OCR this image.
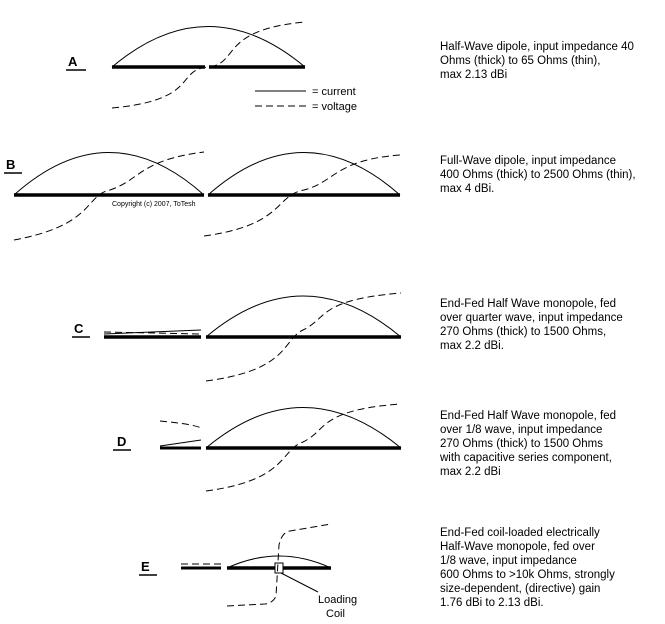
A
= current
= voltage
B
Copyright (c) 2007, ToTesh
C
D
E
Loading
Coil
Half-Wave dipole, input impedance 40
Ohms (thick) to 65 Ohms (thin),
max 2.13 dBi
Full-Wave dipole, input impedance
400 Ohms (thick) to 2500 Ohms (thin),
max 4 dBi.
End-Fed Half Wave monopole, fed
over quarter wave, input impedance
270 Ohms (thick) to 1500 Ohms,
max 2.2 dBi.
End-Fed Half Wave monopole, fed
over 1/8 wave, input impedance
270 Ohms (thick) to 1500 Ohms
with capacitive series component,
max 2.2 dBi
End-Fed coil-loaded electrically
Half-Wave monopole, fed over
1/8 wave, input impedance
600 Ohms to >10k Ohms, strongly
size-dependent, (directive) gain
1.76 dBi to 2.13 dBi.
